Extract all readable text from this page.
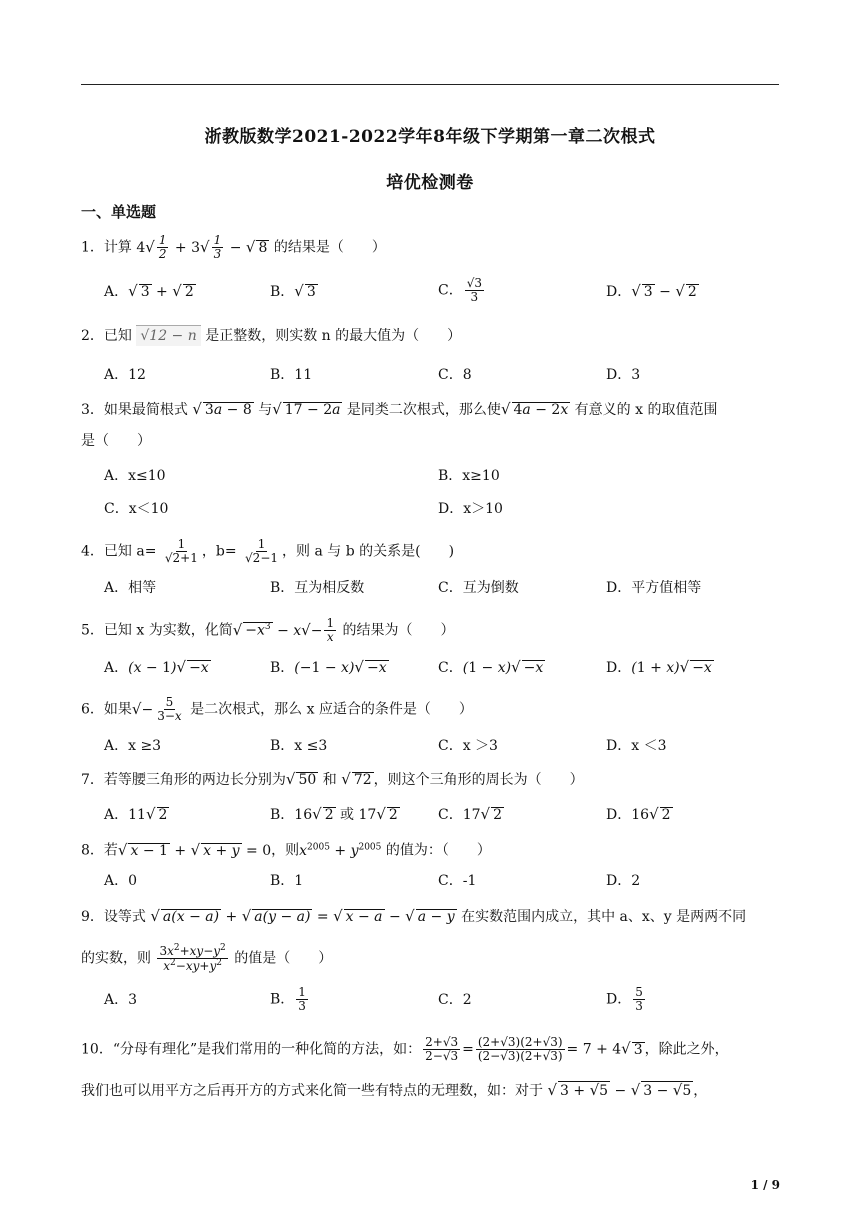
浙教版数学2021-2022学年8年级下学期第一章二次根式
培优检测卷
一、单选题
1．计算 $4√ \frac{1}{2} + 3√ \frac{1}{3}$ − √ 8 的结果是（　　）
A．√ 3 + √ 2	B．√ 3	C． $\frac{√3}{3}$	D．√ 3 − √ 2
2．已知 √12 − n 是正整数，则实数 n 的最大值为（　　）
A．12	B．11	C．8	D．3
3．如果最简根式 √ 3a − 8 与√ 17 − 2a 是同类二次根式，那么使√ 4a − 2x 有意义的 x 的取值范围
是（　　）
A．x≤10	B．x≥10
C．x＜10	D．x＞10
4．已知 $a= \frac{1}{√2+1}$ ，$b= \frac{1}{√2-1}$ ，则 a 与 b 的关系是(　　)
A．相等	B．互为相反数	C．互为倒数	D．平方值相等
5．已知 x 为实数，化简√ $-x^3 - x√- \frac{1}{x}$ 的结果为（　　）
A．(x − 1)√ −x	B．(−1 − x)√ −x	C．(1 − x)√ −x	D．(1 + x)√ −x
6．如果√− $\frac{5}{3-x}$ 是二次根式，那么 x 应适合的条件是（　　）
A．x ≥3	B．x ≤3	C．x ＞3	D．x ＜3
7．若等腰三角形的两边长分别为√ 50 和 √ 72 ，则这个三角形的周长为（　　）
A．11√ 2	B．16√ 2 或 17√ 2	C．17√ 2	D．16√ 2
8．若√ x − 1 + √ x + y = 0，则$x^{2005} + y^{2005}$ 的值为：（　　）
A．0	B．1	C．-1	D．2
9．设等式 √ a(x − a) + √ a(y − a) = √ x − a − √ a − y 在实数范围内成立，其中 a、x、y 是两两不同
的实数，则 $\frac{3x^2+xy-y^2}{x^2-xy+y^2}$ 的值是（　　）
A．3	B． $\frac{1}{3}$	C．2	D． $\frac{5}{3}$
10．“分母有理化”是我们常用的一种化简的方法，如： $\frac{2+√3}{2-√3} = \frac{(2+√3)(2+√3)}{(2-√3)(2+√3)} = 7 + 4√$ 3 ，除此之外，
我们也可以用平方之后再开方的方式来化简一些有特点的无理数，如：对于 √ 3 + √5 − √ 3 − √5 ，
1 / 9
